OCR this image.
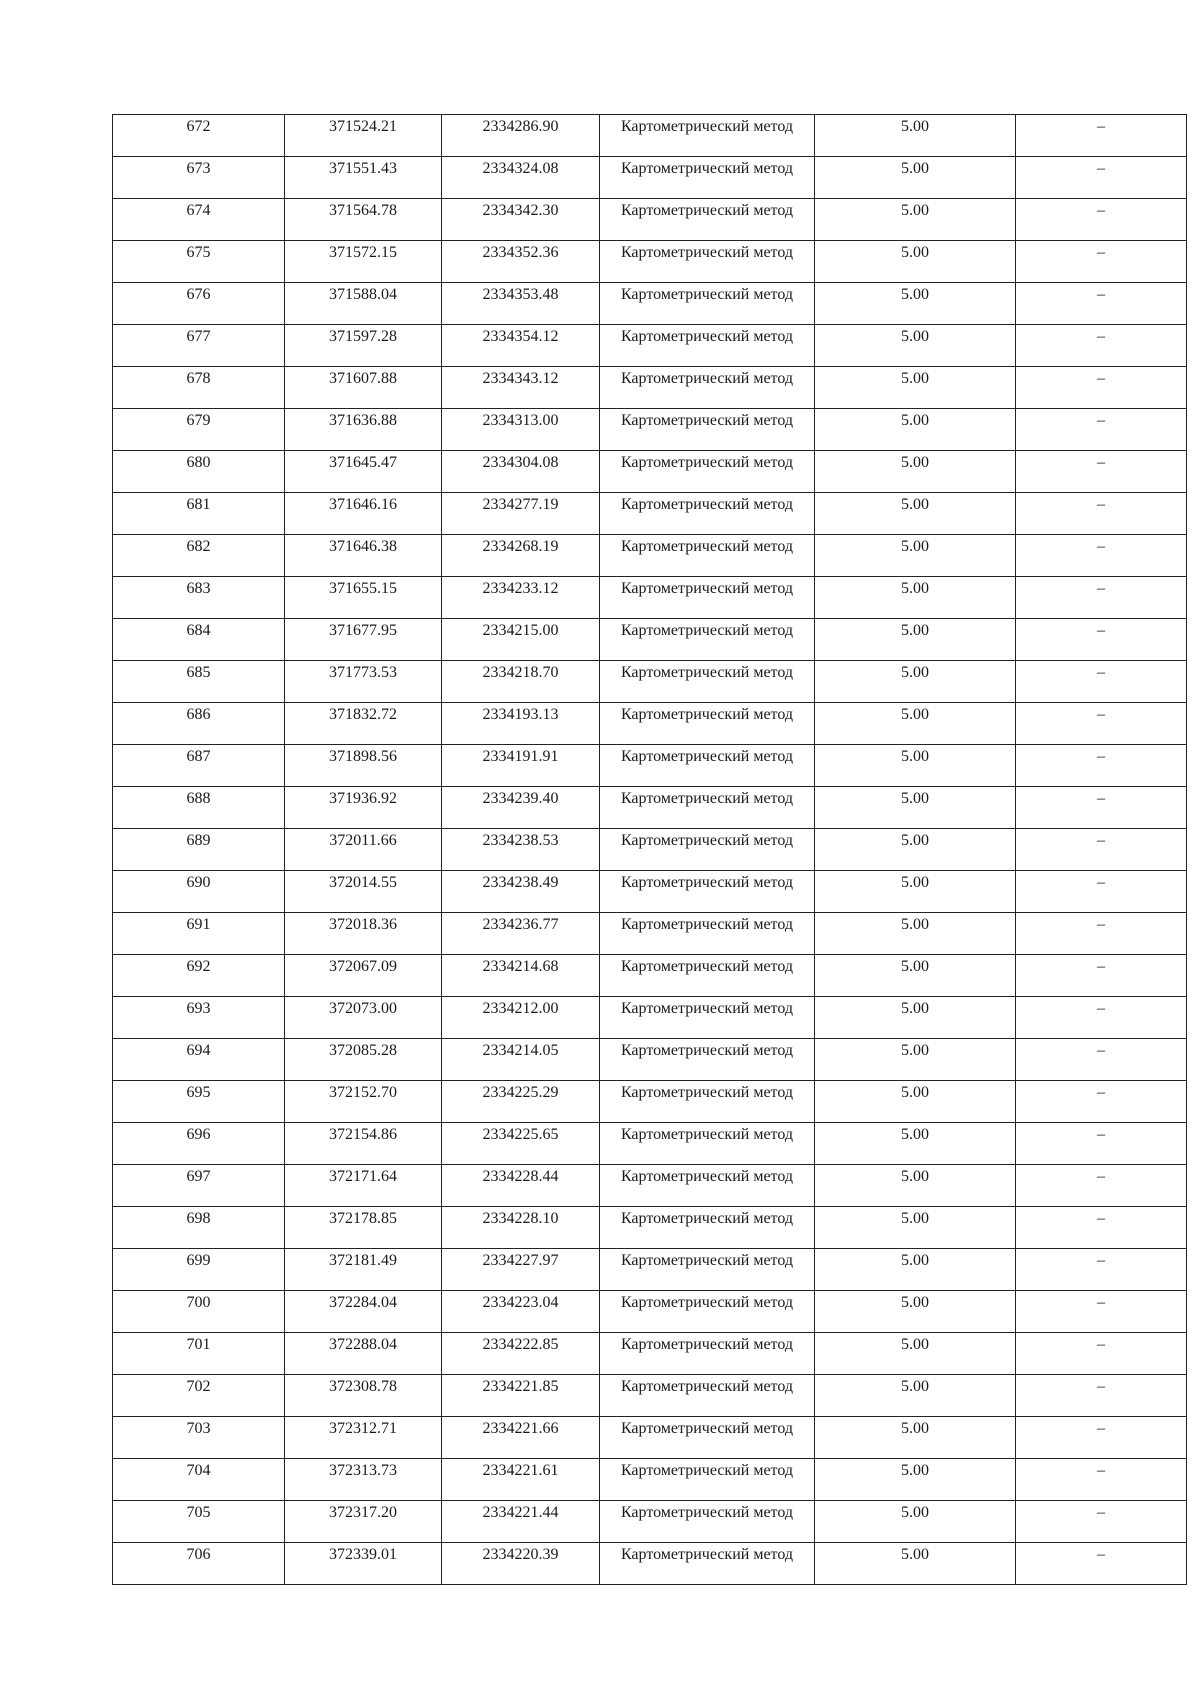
672	371524.21	2334286.90	Картометрический метод	5.00	–
673	371551.43	2334324.08	Картометрический метод	5.00	–
674	371564.78	2334342.30	Картометрический метод	5.00	–
675	371572.15	2334352.36	Картометрический метод	5.00	–
676	371588.04	2334353.48	Картометрический метод	5.00	–
677	371597.28	2334354.12	Картометрический метод	5.00	–
678	371607.88	2334343.12	Картометрический метод	5.00	–
679	371636.88	2334313.00	Картометрический метод	5.00	–
680	371645.47	2334304.08	Картометрический метод	5.00	–
681	371646.16	2334277.19	Картометрический метод	5.00	–
682	371646.38	2334268.19	Картометрический метод	5.00	–
683	371655.15	2334233.12	Картометрический метод	5.00	–
684	371677.95	2334215.00	Картометрический метод	5.00	–
685	371773.53	2334218.70	Картометрический метод	5.00	–
686	371832.72	2334193.13	Картометрический метод	5.00	–
687	371898.56	2334191.91	Картометрический метод	5.00	–
688	371936.92	2334239.40	Картометрический метод	5.00	–
689	372011.66	2334238.53	Картометрический метод	5.00	–
690	372014.55	2334238.49	Картометрический метод	5.00	–
691	372018.36	2334236.77	Картометрический метод	5.00	–
692	372067.09	2334214.68	Картометрический метод	5.00	–
693	372073.00	2334212.00	Картометрический метод	5.00	–
694	372085.28	2334214.05	Картометрический метод	5.00	–
695	372152.70	2334225.29	Картометрический метод	5.00	–
696	372154.86	2334225.65	Картометрический метод	5.00	–
697	372171.64	2334228.44	Картометрический метод	5.00	–
698	372178.85	2334228.10	Картометрический метод	5.00	–
699	372181.49	2334227.97	Картометрический метод	5.00	–
700	372284.04	2334223.04	Картометрический метод	5.00	–
701	372288.04	2334222.85	Картометрический метод	5.00	–
702	372308.78	2334221.85	Картометрический метод	5.00	–
703	372312.71	2334221.66	Картометрический метод	5.00	–
704	372313.73	2334221.61	Картометрический метод	5.00	–
705	372317.20	2334221.44	Картометрический метод	5.00	–
706	372339.01	2334220.39	Картометрический метод	5.00	–
